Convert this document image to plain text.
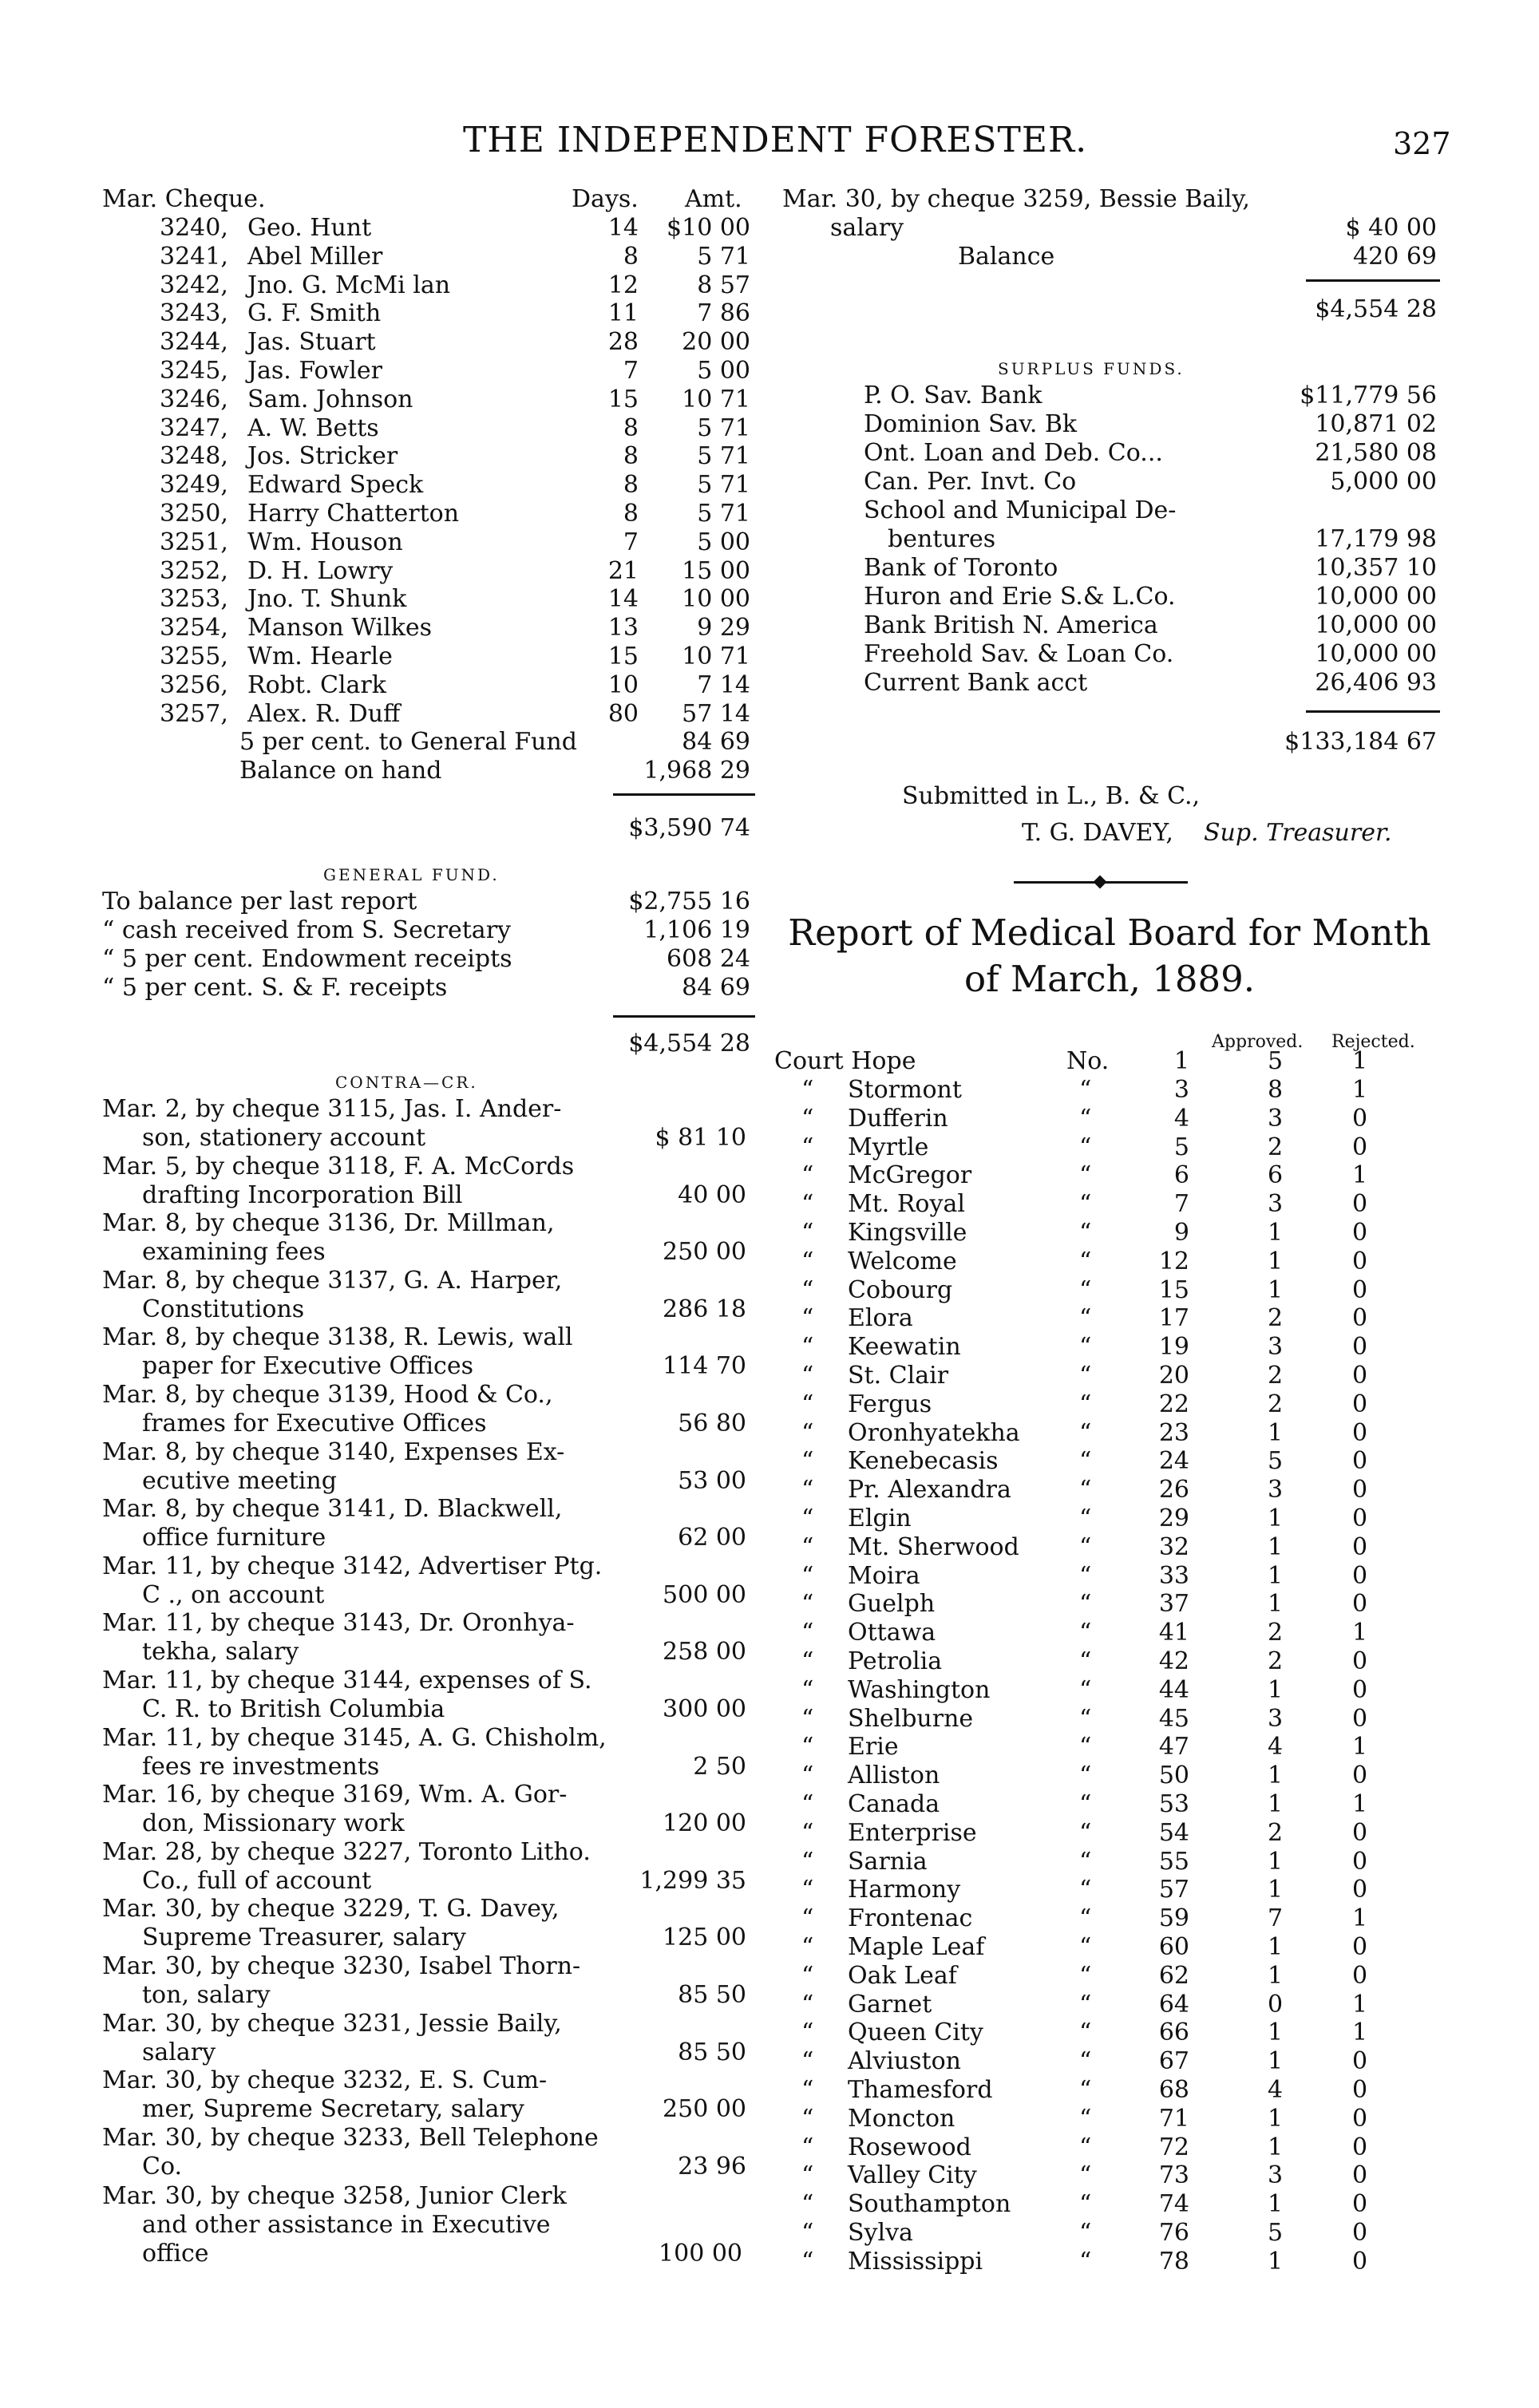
THE INDEPENDENT FORESTER.	327
Mar. Cheque.	Days. Amt.
3240, Geo. Hunt	14	$10 00
3241, Abel Miller	8	5 71
3242, Jno. G. McMi lan	12	8 57
3243, G. F. Smith	11	7 86
3244, Jas. Stuart	28	20 00
3245, Jas. Fowler	7	5 00
3246, Sam. Johnson	15	10 71
3247, A. W. Betts	8	5 71
3248, Jos. Stricker	8	5 71
3249, Edward Speck	8	5 71
3250, Harry Chatterton	8	5 71
3251, Wm. Houson	7	5 00
3252, D. H. Lowry	21	15 00
3253, Jno. T. Shunk	14	10 00
3254, Manson Wilkes	13	9 29
3255, Wm. Hearle	15	10 71
3256, Robt. Clark	10	7 14
3257, Alex. R. Duff	80	57 14
5 per cent. to General Fund	84 69
Balance on hand	1,968 29
$3,590 74
GENERAL FUND.
To balance per last report	$2,755 16
“ cash received from S. Secretary	1,106 19
“ 5 per cent. Endowment receipts	608 24
“ 5 per cent. S. & F. receipts	84 69
$4,554 28
CONTRA—CR.
Mar. 2, by cheque 3115, Jas. I. Ander-
son, stationery account	$ 81 10
Mar. 5, by cheque 3118, F. A. McCords
drafting Incorporation Bill	40 00
Mar. 8, by cheque 3136, Dr. Millman,
examining fees	250 00
Mar. 8, by cheque 3137, G. A. Harper,
Constitutions	286 18
Mar. 8, by cheque 3138, R. Lewis, wall
paper for Executive Offices	114 70
Mar. 8, by cheque 3139, Hood & Co.,
frames for Executive Offices	56 80
Mar. 8, by cheque 3140, Expenses Ex-
ecutive meeting	53 00
Mar. 8, by cheque 3141, D. Blackwell,
office furniture	62 00
Mar. 11, by cheque 3142, Advertiser Ptg.
C ., on account	500 00
Mar. 11, by cheque 3143, Dr. Oronhya-
tekha, salary	258 00
Mar. 11, by cheque 3144, expenses of S.
C. R. to British Columbia	300 00
Mar. 11, by cheque 3145, A. G. Chisholm,
fees re investments	2 50
Mar. 16, by cheque 3169, Wm. A. Gor-
don, Missionary work	120 00
Mar. 28, by cheque 3227, Toronto Litho.
Co., full of account	1,299 35
Mar. 30, by cheque 3229, T. G. Davey,
Supreme Treasurer, salary	125 00
Mar. 30, by cheque 3230, Isabel Thorn-
ton, salary	85 50
Mar. 30, by cheque 3231, Jessie Baily,
salary	85 50
Mar. 30, by cheque 3232, E. S. Cum-
mer, Supreme Secretary, salary	250 00
Mar. 30, by cheque 3233, Bell Telephone
Co.	23 96
Mar. 30, by cheque 3258, Junior Clerk
and other assistance in Executive
office	100 00
Mar. 30, by cheque 3259, Bessie Baily,
salary	$ 40 00
Balance	420 69
$4,554 28
SURPLUS FUNDS.
P. O. Sav. Bank	$11,779 56
Dominion Sav. Bk	10,871 02
Ont. Loan and Deb. Co...	21,580 08
Can. Per. Invt. Co	5,000 00
School and Municipal De-
bentures	17,179 98
Bank of Toronto	10,357 10
Huron and Erie S.& L.Co.	10,000 00
Bank British N. America	10,000 00
Freehold Sav. & Loan Co.	10,000 00
Current Bank acct	26,406 93
$133,184 67
Submitted in L., B. & C.,
T. G. DAVEY, Sup. Treasurer.
Report of Medical Board for Month
of March, 1889.
Approved. Rejected.
Court Hope	No.	1	5	1
“ Stormont	“	3	8	1
“ Dufferin	“	4	3	0
“ Myrtle	“	5	2	0
“ McGregor	“	6	6	1
“ Mt. Royal	“	7	3	0
“ Kingsville	“	9	1	0
“ Welcome	“	12	1	0
“ Cobourg	“	15	1	0
“ Elora	“	17	2	0
“ Keewatin	“	19	3	0
“ St. Clair	“	20	2	0
“ Fergus	“	22	2	0
“ Oronhyatekha “	23	1	0
“ Kenebecasis	“	24	5	0
“ Pr. Alexandra	“	26	3	0
“ Elgin	“	29	1	0
“ Mt. Sherwood	“	32	1	0
“ Moira	“	33	1	0
“ Guelph	“	37	1	0
“ Ottawa	“	41	2	1
“ Petrolia	“	42	2	0
“ Washington	“	44	1	0
“ Shelburne	“	45	3	0
“ Erie	“	47	4	1
“ Alliston	“	50	1	0
“ Canada	“	53	1	1
“ Enterprise	“	54	2	0
“ Sarnia	“	55	1	0
“ Harmony	“	57	1	0
“ Frontenac	“	59	7	1
“ Maple Leaf	“	60	1	0
“ Oak Leaf	“	62	1	0
“ Garnet	“	64	0	1
“ Queen City	“	66	1	1
“ Alviuston	“	67	1	0
“ Thamesford	“	68	4	0
“ Moncton	“	71	1	0
“ Rosewood	“	72	1	0
“ Valley City	“	73	3	0
“ Southampton	“	74	1	0
“ Sylva	“	76	5	0
“ Mississippi	“	78	1	0
